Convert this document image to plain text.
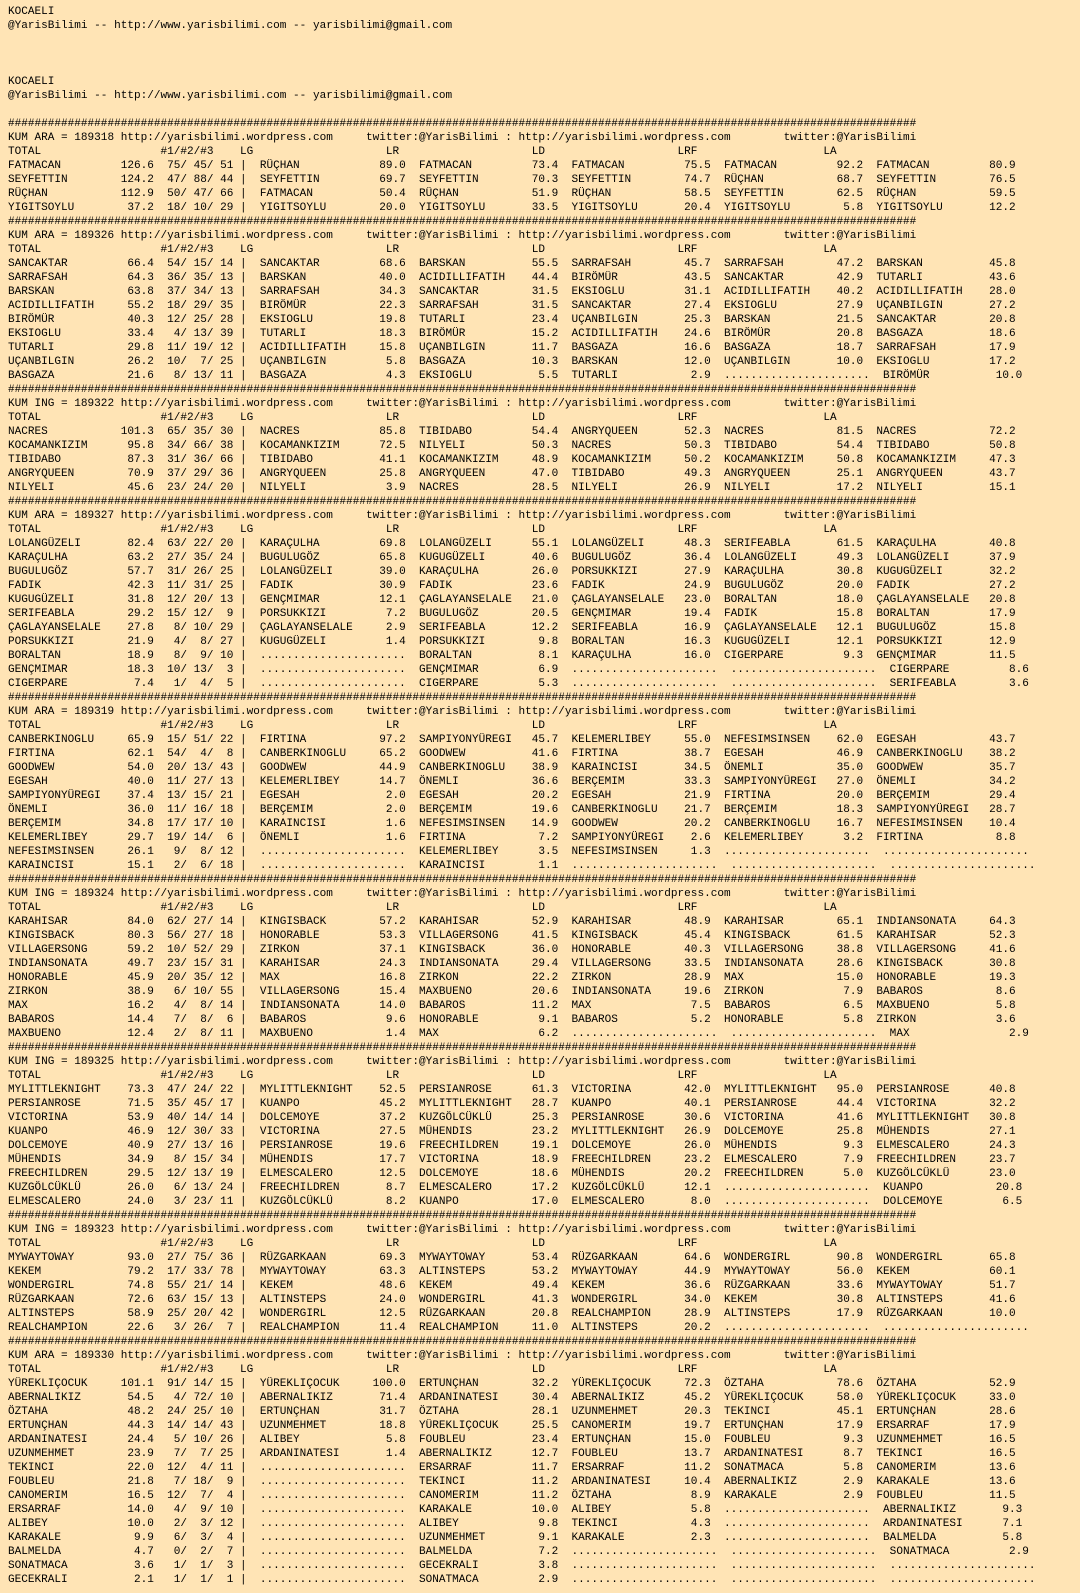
KOCAELI
@YarisBilimi -- http://www.yarisbilimi.com -- yarisbilimi@gmail.com
KOCAELI
@YarisBilimi -- http://www.yarisbilimi.com -- yarisbilimi@gmail.com
#########################################################################################################################################
KUM ARA = 189318 http://yarisbilimi.wordpress.com     twitter:@YarisBilimi : http://yarisbilimi.wordpress.com        twitter:@YarisBilimi
TOTAL                  #1/#2/#3    LG                    LR                    LD                    LRF                   LA
FATMACAN         126.6  75/ 45/ 51 |  RÜÇHAN            89.0  FATMACAN         73.4  FATMACAN         75.5  FATMACAN         92.2  FATMACAN         80.9
SEYFETTIN        124.2  47/ 88/ 44 |  SEYFETTIN         69.7  SEYFETTIN        70.3  SEYFETTIN        74.7  RÜÇHAN           68.7  SEYFETTIN        76.5
RÜÇHAN           112.9  50/ 47/ 66 |  FATMACAN          50.4  RÜÇHAN           51.9  RÜÇHAN           58.5  SEYFETTIN        62.5  RÜÇHAN           59.5
YIGITSOYLU        37.2  18/ 10/ 29 |  YIGITSOYLU        20.0  YIGITSOYLU       33.5  YIGITSOYLU       20.4  YIGITSOYLU        5.8  YIGITSOYLU       12.2
#########################################################################################################################################
KUM ARA = 189326 http://yarisbilimi.wordpress.com     twitter:@YarisBilimi : http://yarisbilimi.wordpress.com        twitter:@YarisBilimi
TOTAL                  #1/#2/#3    LG                    LR                    LD                    LRF                   LA
SANCAKTAR         66.4  54/ 15/ 14 |  SANCAKTAR         68.6  BARSKAN          55.5  SARRAFSAH        45.7  SARRAFSAH        47.2  BARSKAN          45.8
SARRAFSAH         64.3  36/ 35/ 13 |  BARSKAN           40.0  ACIDILLIFATIH    44.4  BIRÖMÜR          43.5  SANCAKTAR        42.9  TUTARLI          43.6
BARSKAN           63.8  37/ 34/ 13 |  SARRAFSAH         34.3  SANCAKTAR        31.5  EKSIOGLU         31.1  ACIDILLIFATIH    40.2  ACIDILLIFATIH    28.0
ACIDILLIFATIH     55.2  18/ 29/ 35 |  BIRÖMÜR           22.3  SARRAFSAH        31.5  SANCAKTAR        27.4  EKSIOGLU         27.9  UÇANBILGIN       27.2
BIRÖMÜR           40.3  12/ 25/ 28 |  EKSIOGLU          19.8  TUTARLI          23.4  UÇANBILGIN       25.3  BARSKAN          21.5  SANCAKTAR        20.8
EKSIOGLU          33.4   4/ 13/ 39 |  TUTARLI           18.3  BIRÖMÜR          15.2  ACIDILLIFATIH    24.6  BIRÖMÜR          20.8  BASGAZA          18.6
TUTARLI           29.8  11/ 19/ 12 |  ACIDILLIFATIH     15.8  UÇANBILGIN       11.7  BASGAZA          16.6  BASGAZA          18.7  SARRAFSAH        17.9
UÇANBILGIN        26.2  10/  7/ 25 |  UÇANBILGIN         5.8  BASGAZA          10.3  BARSKAN          12.0  UÇANBILGIN       10.0  EKSIOGLU         17.2
BASGAZA           21.6   8/ 13/ 11 |  BASGAZA            4.3  EKSIOGLU          5.5  TUTARLI           2.9  ......................  BIRÖMÜR          10.0
#########################################################################################################################################
KUM ING = 189322 http://yarisbilimi.wordpress.com     twitter:@YarisBilimi : http://yarisbilimi.wordpress.com        twitter:@YarisBilimi
TOTAL                  #1/#2/#3    LG                    LR                    LD                    LRF                   LA
NACRES           101.3  65/ 35/ 30 |  NACRES            85.8  TIBIDABO         54.4  ANGRYQUEEN       52.3  NACRES           81.5  NACRES           72.2
KOCAMANKIZIM      95.8  34/ 66/ 38 |  KOCAMANKIZIM      72.5  NILYELI          50.3  NACRES           50.3  TIBIDABO         54.4  TIBIDABO         50.8
TIBIDABO          87.3  31/ 36/ 66 |  TIBIDABO          41.1  KOCAMANKIZIM     48.9  KOCAMANKIZIM     50.2  KOCAMANKIZIM     50.8  KOCAMANKIZIM     47.3
ANGRYQUEEN        70.9  37/ 29/ 36 |  ANGRYQUEEN        25.8  ANGRYQUEEN       47.0  TIBIDABO         49.3  ANGRYQUEEN       25.1  ANGRYQUEEN       43.7
NILYELI           45.6  23/ 24/ 20 |  NILYELI            3.9  NACRES           28.5  NILYELI          26.9  NILYELI          17.2  NILYELI          15.1
#########################################################################################################################################
KUM ARA = 189327 http://yarisbilimi.wordpress.com     twitter:@YarisBilimi : http://yarisbilimi.wordpress.com        twitter:@YarisBilimi
TOTAL                  #1/#2/#3    LG                    LR                    LD                    LRF                   LA
LOLANGÜZELI       82.4  63/ 22/ 20 |  KARAÇULHA         69.8  LOLANGÜZELI      55.1  LOLANGÜZELI      48.3  SERIFEABLA       61.5  KARAÇULHA        40.8
KARAÇULHA         63.2  27/ 35/ 24 |  BUGULUGÖZ         65.8  KUGUGÜZELI       40.6  BUGULUGÖZ        36.4  LOLANGÜZELI      49.3  LOLANGÜZELI      37.9
BUGULUGÖZ         57.7  31/ 26/ 25 |  LOLANGÜZELI       39.0  KARAÇULHA        26.0  PORSUKKIZI       27.9  KARAÇULHA        30.8  KUGUGÜZELI       32.2
FADIK             42.3  11/ 31/ 25 |  FADIK             30.9  FADIK            23.6  FADIK            24.9  BUGULUGÖZ        20.0  FADIK            27.2
KUGUGÜZELI        31.8  12/ 20/ 13 |  GENÇMIMAR         12.1  ÇAGLAYANSELALE   21.0  ÇAGLAYANSELALE   23.0  BORALTAN         18.0  ÇAGLAYANSELALE   20.8
SERIFEABLA        29.2  15/ 12/  9 |  PORSUKKIZI         7.2  BUGULUGÖZ        20.5  GENÇMIMAR        19.4  FADIK            15.8  BORALTAN         17.9
ÇAGLAYANSELALE    27.8   8/ 10/ 29 |  ÇAGLAYANSELALE     2.9  SERIFEABLA       12.2  SERIFEABLA       16.9  ÇAGLAYANSELALE   12.1  BUGULUGÖZ        15.8
PORSUKKIZI        21.9   4/  8/ 27 |  KUGUGÜZELI         1.4  PORSUKKIZI        9.8  BORALTAN         16.3  KUGUGÜZELI       12.1  PORSUKKIZI       12.9
BORALTAN          18.9   8/  9/ 10 |  ......................  BORALTAN          8.1  KARAÇULHA        16.0  CIGERPARE         9.3  GENÇMIMAR        11.5
GENÇMIMAR         18.3  10/ 13/  3 |  ......................  GENÇMIMAR         6.9  ......................  ......................  CIGERPARE         8.6
CIGERPARE          7.4   1/  4/  5 |  ......................  CIGERPARE         5.3  ......................  ......................  SERIFEABLA        3.6
#########################################################################################################################################
KUM ARA = 189319 http://yarisbilimi.wordpress.com     twitter:@YarisBilimi : http://yarisbilimi.wordpress.com        twitter:@YarisBilimi
TOTAL                  #1/#2/#3    LG                    LR                    LD                    LRF                   LA
CANBERKINOGLU     65.9  15/ 51/ 22 |  FIRTINA           97.2  SAMPIYONYÜREGI   45.7  KELEMERLIBEY     55.0  NEFESIMSINSEN    62.0  EGESAH           43.7
FIRTINA           62.1  54/  4/  8 |  CANBERKINOGLU     65.2  GOODWEW          41.6  FIRTINA          38.7  EGESAH           46.9  CANBERKINOGLU    38.2
GOODWEW           54.0  20/ 13/ 43 |  GOODWEW           44.9  CANBERKINOGLU    38.9  KARAINCISI       34.5  ÖNEMLI           35.0  GOODWEW          35.7
EGESAH            40.0  11/ 27/ 13 |  KELEMERLIBEY      14.7  ÖNEMLI           36.6  BERÇEMIM         33.3  SAMPIYONYÜREGI   27.0  ÖNEMLI           34.2
SAMPIYONYÜREGI    37.4  13/ 15/ 21 |  EGESAH             2.0  EGESAH           20.2  EGESAH           21.9  FIRTINA          20.0  BERÇEMIM         29.4
ÖNEMLI            36.0  11/ 16/ 18 |  BERÇEMIM           2.0  BERÇEMIM         19.6  CANBERKINOGLU    21.7  BERÇEMIM         18.3  SAMPIYONYÜREGI   28.7
BERÇEMIM          34.8  17/ 17/ 10 |  KARAINCISI         1.6  NEFESIMSINSEN    14.9  GOODWEW          20.2  CANBERKINOGLU    16.7  NEFESIMSINSEN    10.4
KELEMERLIBEY      29.7  19/ 14/  6 |  ÖNEMLI             1.6  FIRTINA           7.2  SAMPIYONYÜREGI    2.6  KELEMERLIBEY      3.2  FIRTINA           8.8
NEFESIMSINSEN     26.1   9/  8/ 12 |  ......................  KELEMERLIBEY      3.5  NEFESIMSINSEN     1.3  ......................  ......................
KARAINCISI        15.1   2/  6/ 18 |  ......................  KARAINCISI        1.1  ......................  ......................  ......................
#########################################################################################################################################
KUM ING = 189324 http://yarisbilimi.wordpress.com     twitter:@YarisBilimi : http://yarisbilimi.wordpress.com        twitter:@YarisBilimi
TOTAL                  #1/#2/#3    LG                    LR                    LD                    LRF                   LA
KARAHISAR         84.0  62/ 27/ 14 |  KINGISBACK        57.2  KARAHISAR        52.9  KARAHISAR        48.9  KARAHISAR        65.1  INDIANSONATA     64.3
KINGISBACK        80.3  56/ 27/ 18 |  HONORABLE         53.3  VILLAGERSONG     41.5  KINGISBACK       45.4  KINGISBACK       61.5  KARAHISAR        52.3
VILLAGERSONG      59.2  10/ 52/ 29 |  ZIRKON            37.1  KINGISBACK       36.0  HONORABLE        40.3  VILLAGERSONG     38.8  VILLAGERSONG     41.6
INDIANSONATA      49.7  23/ 15/ 31 |  KARAHISAR         24.3  INDIANSONATA     29.4  VILLAGERSONG     33.5  INDIANSONATA     28.6  KINGISBACK       30.8
HONORABLE         45.9  20/ 35/ 12 |  MAX               16.8  ZIRKON           22.2  ZIRKON           28.9  MAX              15.0  HONORABLE        19.3
ZIRKON            38.9   6/ 10/ 55 |  VILLAGERSONG      15.4  MAXBUENO         20.6  INDIANSONATA     19.6  ZIRKON            7.9  BABAROS           8.6
MAX               16.2   4/  8/ 14 |  INDIANSONATA      14.0  BABAROS          11.2  MAX               7.5  BABAROS           6.5  MAXBUENO          5.8
BABAROS           14.4   7/  8/  6 |  BABAROS            9.6  HONORABLE         9.1  BABAROS           5.2  HONORABLE         5.8  ZIRKON            3.6
MAXBUENO          12.4   2/  8/ 11 |  MAXBUENO           1.4  MAX               6.2  ......................  ......................  MAX               2.9
#########################################################################################################################################
KUM ING = 189325 http://yarisbilimi.wordpress.com     twitter:@YarisBilimi : http://yarisbilimi.wordpress.com        twitter:@YarisBilimi
TOTAL                  #1/#2/#3    LG                    LR                    LD                    LRF                   LA
MYLITTLEKNIGHT    73.3  47/ 24/ 22 |  MYLITTLEKNIGHT    52.5  PERSIANROSE      61.3  VICTORINA        42.0  MYLITTLEKNIGHT   95.0  PERSIANROSE      40.8
PERSIANROSE       71.5  35/ 45/ 17 |  KUANPO            45.2  MYLITTLEKNIGHT   28.7  KUANPO           40.1  PERSIANROSE      44.4  VICTORINA        32.2
VICTORINA         53.9  40/ 14/ 14 |  DOLCEMOYE         37.2  KUZGÖLCÜKLÜ      25.3  PERSIANROSE      30.6  VICTORINA        41.6  MYLITTLEKNIGHT   30.8
KUANPO            46.9  12/ 30/ 33 |  VICTORINA         27.5  MÜHENDIS         23.2  MYLITTLEKNIGHT   26.9  DOLCEMOYE        25.8  MÜHENDIS         27.1
DOLCEMOYE         40.9  27/ 13/ 16 |  PERSIANROSE       19.6  FREECHILDREN     19.1  DOLCEMOYE        26.0  MÜHENDIS          9.3  ELMESCALERO      24.3
MÜHENDIS          34.9   8/ 15/ 34 |  MÜHENDIS          17.7  VICTORINA        18.9  FREECHILDREN     23.2  ELMESCALERO       7.9  FREECHILDREN     23.7
FREECHILDREN      29.5  12/ 13/ 19 |  ELMESCALERO       12.5  DOLCEMOYE        18.6  MÜHENDIS         20.2  FREECHILDREN      5.0  KUZGÖLCÜKLÜ      23.0
KUZGÖLCÜKLÜ       26.0   6/ 13/ 24 |  FREECHILDREN       8.7  ELMESCALERO      17.2  KUZGÖLCÜKLÜ      12.1  ......................  KUANPO           20.8
ELMESCALERO       24.0   3/ 23/ 11 |  KUZGÖLCÜKLÜ        8.2  KUANPO           17.0  ELMESCALERO       8.0  ......................  DOLCEMOYE         6.5
#########################################################################################################################################
KUM ING = 189323 http://yarisbilimi.wordpress.com     twitter:@YarisBilimi : http://yarisbilimi.wordpress.com        twitter:@YarisBilimi
TOTAL                  #1/#2/#3    LG                    LR                    LD                    LRF                   LA
MYWAYTOWAY        93.0  27/ 75/ 36 |  RÜZGARKAAN        69.3  MYWAYTOWAY       53.4  RÜZGARKAAN       64.6  WONDERGIRL       90.8  WONDERGIRL       65.8
KEKEM             79.2  17/ 33/ 78 |  MYWAYTOWAY        63.3  ALTINSTEPS       53.2  MYWAYTOWAY       44.9  MYWAYTOWAY       56.0  KEKEM            60.1
WONDERGIRL        74.8  55/ 21/ 14 |  KEKEM             48.6  KEKEM            49.4  KEKEM            36.6  RÜZGARKAAN       33.6  MYWAYTOWAY       51.7
RÜZGARKAAN        72.6  63/ 15/ 13 |  ALTINSTEPS        24.0  WONDERGIRL       41.3  WONDERGIRL       34.0  KEKEM            30.8  ALTINSTEPS       41.6
ALTINSTEPS        58.9  25/ 20/ 42 |  WONDERGIRL        12.5  RÜZGARKAAN       20.8  REALCHAMPION     28.9  ALTINSTEPS       17.9  RÜZGARKAAN       10.0
REALCHAMPION      22.6   3/ 26/  7 |  REALCHAMPION      11.4  REALCHAMPION     11.0  ALTINSTEPS       20.2  ......................  ......................
#########################################################################################################################################
KUM ARA = 189330 http://yarisbilimi.wordpress.com     twitter:@YarisBilimi : http://yarisbilimi.wordpress.com        twitter:@YarisBilimi
TOTAL                  #1/#2/#3    LG                    LR                    LD                    LRF                   LA
YÜREKLIÇOCUK     101.1  91/ 14/ 15 |  YÜREKLIÇOCUK     100.0  ERTUNÇHAN        32.2  YÜREKLIÇOCUK     72.3  ÖZTAHA           78.6  ÖZTAHA           52.9
ABERNALIKIZ       54.5   4/ 72/ 10 |  ABERNALIKIZ       71.4  ARDANINATESI     30.4  ABERNALIKIZ      45.2  YÜREKLIÇOCUK     58.0  YÜREKLIÇOCUK     33.0
ÖZTAHA            48.2  24/ 25/ 10 |  ERTUNÇHAN         31.7  ÖZTAHA           28.1  UZUNMEHMET       20.3  TEKINCI          45.1  ERTUNÇHAN        28.6
ERTUNÇHAN         44.3  14/ 14/ 43 |  UZUNMEHMET        18.8  YÜREKLIÇOCUK     25.5  CANOMERIM        19.7  ERTUNÇHAN        17.9  ERSARRAF         17.9
ARDANINATESI      24.4   5/ 10/ 26 |  ALIBEY             5.8  FOUBLEU          23.4  ERTUNÇHAN        15.0  FOUBLEU           9.3  UZUNMEHMET       16.5
UZUNMEHMET        23.9   7/  7/ 25 |  ARDANINATESI       1.4  ABERNALIKIZ      12.7  FOUBLEU          13.7  ARDANINATESI      8.7  TEKINCI          16.5
TEKINCI           22.0  12/  4/ 11 |  ......................  ERSARRAF         11.7  ERSARRAF         11.2  SONATMACA         5.8  CANOMERIM        13.6
FOUBLEU           21.8   7/ 18/  9 |  ......................  TEKINCI          11.2  ARDANINATESI     10.4  ABERNALIKIZ       2.9  KARAKALE         13.6
CANOMERIM         16.5  12/  7/  4 |  ......................  CANOMERIM        11.2  ÖZTAHA            8.9  KARAKALE          2.9  FOUBLEU          11.5
ERSARRAF          14.0   4/  9/ 10 |  ......................  KARAKALE         10.0  ALIBEY            5.8  ......................  ABERNALIKIZ       9.3
ALIBEY            10.0   2/  3/ 12 |  ......................  ALIBEY            9.8  TEKINCI           4.3  ......................  ARDANINATESI      7.1
KARAKALE           9.9   6/  3/  4 |  ......................  UZUNMEHMET        9.1  KARAKALE          2.3  ......................  BALMELDA          5.8
BALMELDA           4.7   0/  2/  7 |  ......................  BALMELDA          7.2  ......................  ......................  SONATMACA         2.9
SONATMACA          3.6   1/  1/  3 |  ......................  GECEKRALI         3.8  ......................  ......................  ......................
GECEKRALI          2.1   1/  1/  1 |  ......................  SONATMACA         2.9  ......................  ......................  ......................
